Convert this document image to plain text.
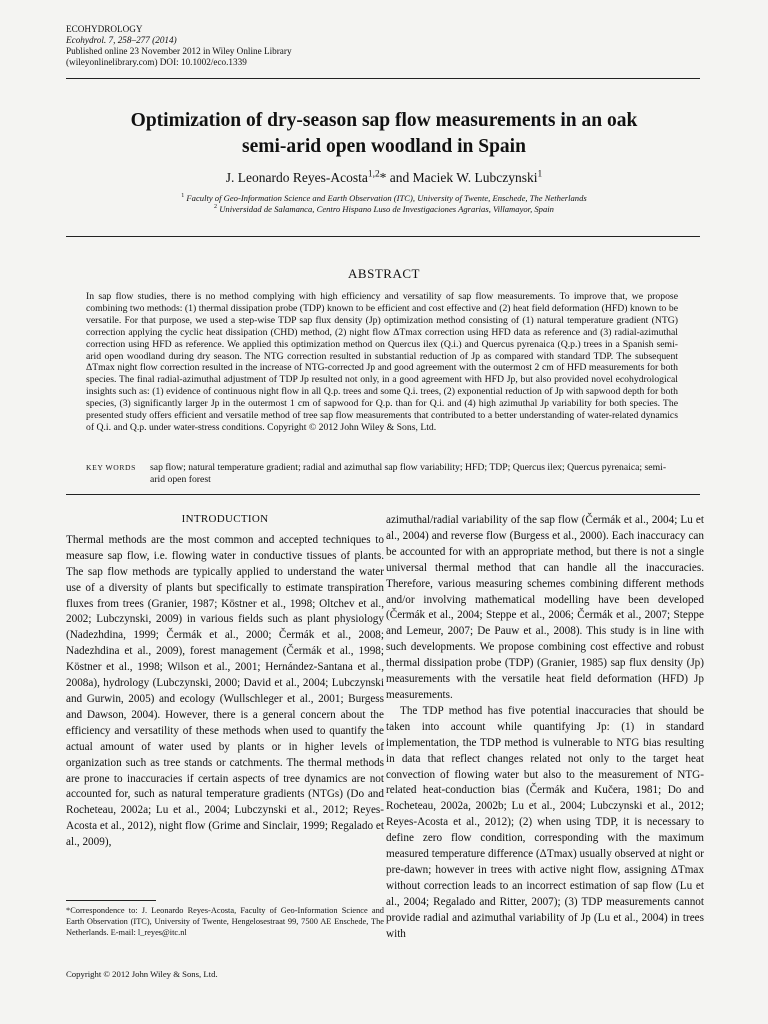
ECOHYDROLOGY
Ecohydrol. 7, 258–277 (2014)
Published online 23 November 2012 in Wiley Online Library
(wileyonlinelibrary.com) DOI: 10.1002/eco.1339
Optimization of dry-season sap flow measurements in an oak
semi-arid open woodland in Spain
J. Leonardo Reyes-Acosta$^{1,2}$* and Maciek W. Lubczynski$^1$
$^1$ Faculty of Geo-Information Science and Earth Observation (ITC), University of Twente, Enschede, The Netherlands
$^2$ Universidad de Salamanca, Centro Hispano Luso de Investigaciones Agrarias, Villamayor, Spain
ABSTRACT
In sap flow studies, there is no method complying with high efficiency and versatility of sap flow measurements. To improve that, we propose combining two methods: (1) thermal dissipation probe (TDP) known to be efficient and cost effective and (2) heat field deformation (HFD) known to be versatile. For that purpose, we used a step-wise TDP sap flux density (Jp) optimization method consisting of (1) natural temperature gradient (NTG) correction applying the cyclic heat dissipation (CHD) method, (2) night flow ΔTmax correction using HFD data as reference and (3) radial-azimuthal correction using HFD as reference. We applied this optimization method on Quercus ilex (Q.i.) and Quercus pyrenaica (Q.p.) trees in a Spanish semi-arid open woodland during dry season. The NTG correction resulted in substantial reduction of Jp as compared with standard TDP. The subsequent ΔTmax night flow correction resulted in the increase of NTG-corrected Jp and good agreement with the outermost 2 cm of HFD measurements for both species. The final radial-azimuthal adjustment of TDP Jp resulted not only, in a good agreement with HFD Jp, but also provided novel ecohydrological insights such as: (1) evidence of continuous night flow in all Q.p. trees and some Q.i. trees, (2) exponential reduction of Jp with sapwood depth for both species, (3) significantly larger Jp in the outermost 1 cm of sapwood for Q.p. than for Q.i. and (4) high azimuthal Jp variability for both species. The presented study offers efficient and versatile method of tree sap flow measurements that contributed to a better understanding of water-related dynamics of Q.i. and Q.p. under water-stress conditions. Copyright © 2012 John Wiley & Sons, Ltd.
KEY WORDS sap flow; natural temperature gradient; radial and azimuthal sap flow variability; HFD; TDP; Quercus ilex; Quercus pyrenaica; semi-arid open forest
INTRODUCTION

Thermal methods are the most common and accepted techniques to measure sap flow, i.e. flowing water in conductive tissues of plants. The sap flow methods are typically applied to understand the water use of a diversity of plants but specifically to estimate transpiration fluxes from trees (Granier, 1987; Köstner et al., 1998; Oltchev et al., 2002; Lubczynski, 2009) in various fields such as plant physiology (Nadezhdina, 1999; Čermák et al., 2000; Čermák et al., 2008; Nadezhdina et al., 2009), forest management (Čermák et al., 1998; Köstner et al., 1998; Wilson et al., 2001; Hernández-Santana et al., 2008a), hydrology (Lubczynski, 2000; David et al., 2004; Lubczynski and Gurwin, 2005) and ecology (Wullschleger et al., 2001; Burgess and Dawson, 2004). However, there is a general concern about the efficiency and versatility of these methods when used to quantify the actual amount of water used by plants or in higher levels of organization such as tree stands or catchments. The thermal methods are prone to inaccuracies if certain aspects of tree dynamics are not accounted for, such as natural temperature gradients (NTGs) (Do and Rocheteau, 2002a; Lu et al., 2004; Lubczynski et al., 2012; Reyes-Acosta et al., 2012), night flow (Grime and Sinclair, 1999; Regalado et al., 2009),

azimuthal/radial variability of the sap flow (Čermák et al., 2004; Lu et al., 2004) and reverse flow (Burgess et al., 2000). Each inaccuracy can be accounted for with an appropriate method, but there is not a single universal thermal method that can handle all the inaccuracies. Therefore, various measuring schemes combining different methods and/or involving mathematical modelling have been developed (Čermák et al., 2004; Steppe et al., 2006; Čermák et al., 2007; Steppe and Lemeur, 2007; De Pauw et al., 2008). This study is in line with such developments. We propose combining cost effective and robust thermal dissipation probe (TDP) (Granier, 1985) sap flux density (Jp) measurements with the versatile heat field deformation (HFD) Jp measurements.

The TDP method has five potential inaccuracies that should be taken into account while quantifying Jp: (1) in standard implementation, the TDP method is vulnerable to NTG bias resulting in data that reflect changes related not only to the target heat convection of flowing water but also to the measurement of NTG-related heat-conduction bias (Čermák and Kučera, 1981; Do and Rocheteau, 2002a, 2002b; Lu et al., 2004; Lubczynski et al., 2012; Reyes-Acosta et al., 2012); (2) when using TDP, it is necessary to define zero flow condition, corresponding with the maximum measured temperature difference (ΔTmax) usually observed at night or pre-dawn; however in trees with active night flow, assigning ΔTmax without correction leads to an incorrect estimation of sap flow (Lu et al., 2004; Regalado and Ritter, 2007); (3) TDP measurements cannot provide radial and azimuthal variability of Jp (Lu et al., 2004) in trees with

*Correspondence to: J. Leonardo Reyes-Acosta, Faculty of Geo-Information Science and Earth Observation (ITC), University of Twente, Hengelosestraat 99, 7500 AE Enschede, The Netherlands. E-mail: l_reyes@itc.nl
Copyright © 2012 John Wiley & Sons, Ltd.
